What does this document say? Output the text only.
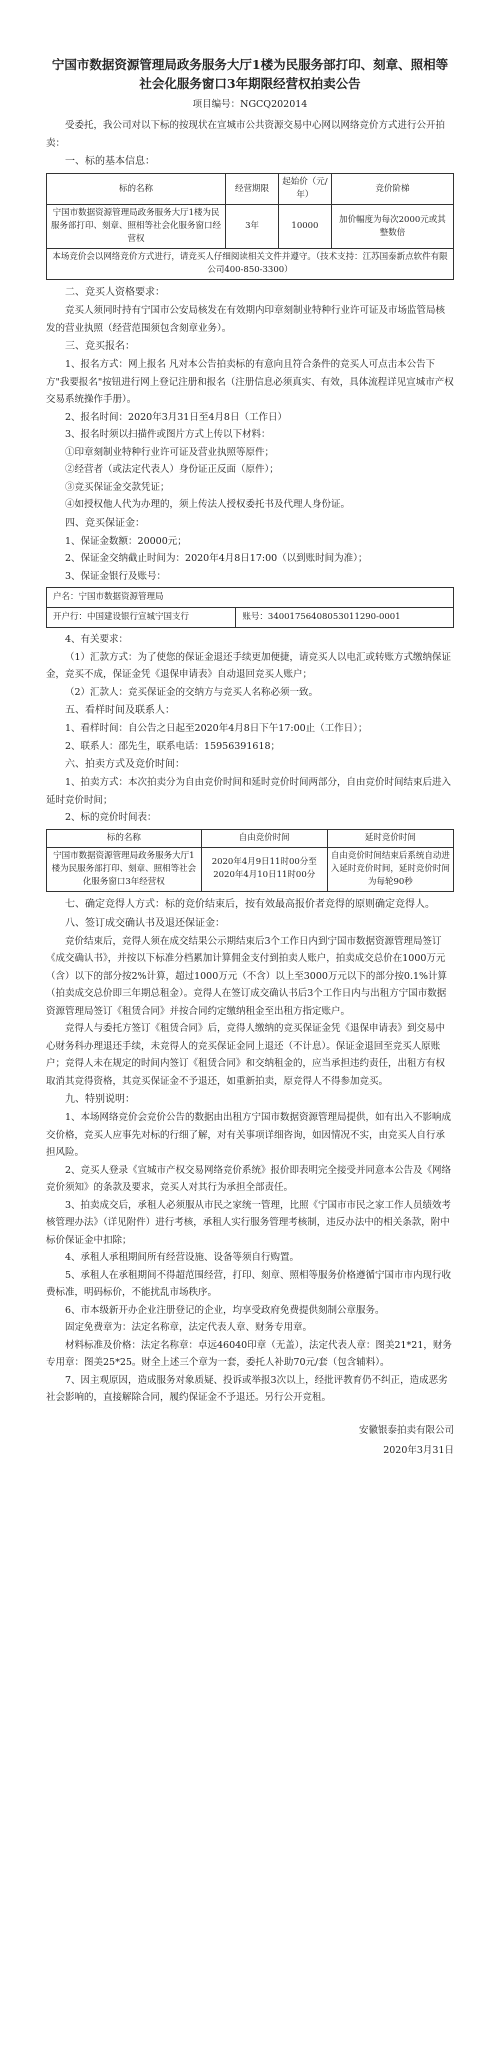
宁国市数据资源管理局政务服务大厅1楼为民服务部打印、刻章、照相等社会化服务窗口3年期限经营权拍卖公告
项目编号：NGCQ202014

受委托，我公司对以下标的按现状在宣城市公共资源交易中心网以网络竞价方式进行公开拍卖：

一、标的基本信息：
标的名称	经营期限	起始价（元/年）	竞价阶梯
宁国市数据资源管理局政务服务大厅1楼为民服务部打印、刻章、照相等社会化服务窗口经营权	3年	10000	加价幅度为每次2000元或其整数倍
本场竞价会以网络竞价方式进行，请竞买人仔细阅读相关文件并遵守。（技术支持：江苏国泰新点软件有限公司400-850-3300）			
二、竞买人资格要求：

竞买人须同时持有宁国市公安局核发在有效期内印章刻制业特种行业许可证及市场监管局核发的营业执照（经营范围须包含刻章业务）。

三、竞买报名：

1、报名方式：网上报名 凡对本公告拍卖标的有意向且符合条件的竞买人可点击本公告下方"我要报名"按钮进行网上登记注册和报名（注册信息必须真实、有效，具体流程详见宣城市产权交易系统操作手册）。

2、报名时间：2020年3月31日至4月8日（工作日）

3、报名时须以扫描件或图片方式上传以下材料：

①印章刻制业特种行业许可证及营业执照等原件；

②经营者（或法定代表人）身份证正反面（原件）；

③竞买保证金交款凭证；

④如授权他人代为办理的，须上传法人授权委托书及代理人身份证。

四、竞买保证金：

1、保证金数额：20000元；

2、保证金交纳截止时间为：2020年4月8日17:00（以到账时间为准）；

3、保证金银行及账号：

户名：宁国市数据资源管理局
开户行：中国建设银行宣城宁国支行	账号：34001756408053011290-0001

4、有关要求：

（1）汇款方式：为了使您的保证金退还手续更加便捷，请竞买人以电汇或转账方式缴纳保证金，竞买不成，保证金凭《退保申请表》自动退回竞买人账户；

（2）汇款人：竞买保证金的交纳方与竞买人名称必须一致。

五、看样时间及联系人：

1、看样时间：自公告之日起至2020年4月8日下午17:00止（工作日）；

2、联系人：邵先生，联系电话：15956391618；

六、拍卖方式及竞价时间：

1、拍卖方式：本次拍卖分为自由竞价时间和延时竞价时间两部分，自由竞价时间结束后进入延时竞价时间；

2、标的竞价时间表：

标的名称	自由竞价时间	延时竞价时间
宁国市数据资源管理局政务服务大厅1楼为民服务部打印、刻章、照相等社会化服务窗口3年经营权	2020年4月9日11时00分至2020年4月10日11时00分	自由竞价时间结束后系统自动进入延时竞价时间，延时竞价时间为每轮90秒
七、确定竞得人方式：标的竞价结束后，按有效最高报价者竞得的原则确定竞得人。
八、签订成交确认书及退还保证金：

竞价结束后，竞得人须在成交结果公示期结束后3个工作日内到宁国市数据资源管理局签订《成交确认书》，并按以下标准分档累加计算佣金支付到拍卖人账户，拍卖成交总价在1000万元（含）以下的部分按2%计算，超过1000万元（不含）以上至3000万元以下的部分按0.1%计算（拍卖成交总价即三年期总租金）。竞得人在签订成交确认书后3个工作日内与出租方宁国市数据资源管理局签订《租赁合同》并按合同约定缴纳租金至出租方指定账户。

竞得人与委托方签订《租赁合同》后，竞得人缴纳的竞买保证金凭《退保申请表》到交易中心财务科办理退还手续，未竞得人的竞买保证金同上退还（不计息）。保证金退回至竞买人原账户；竞得人未在规定的时间内签订《租赁合同》和交纳租金的，应当承担违约责任，出租方有权取消其竞得资格，其竞买保证金不予退还，如重新拍卖，原竞得人不得参加竞买。

九、特别说明：

1、本场网络竞价会竞价公告的数据由出租方宁国市数据资源管理局提供，如有出入不影响成交价格，竞买人应事先对标的行细了解，对有关事项详细咨询，如因情况不实，由竞买人自行承担风险。

2、竞买人登录《宣城市产权交易网络竞价系统》报价即表明完全接受并同意本公告及《网络竞价须知》的条款及要求，竞买人对其行为承担全部责任。

3、拍卖成交后，承租人必须服从市民之家统一管理，比照《宁国市市民之家工作人员绩效考核管理办法》（详见附件）进行考核，承租人实行服务管理考核制，违反办法中的相关条款，附中标价保证金中扣除；

4、承租人承租期间所有经营设施、设备等须自行购置。

5、承租人在承租期间不得超范围经营，打印、刻章、照相等服务价格遵循宁国市市内现行收费标准，明码标价，不能扰乱市场秩序。

6、市本级新开办企业注册登记的企业，均享受政府免费提供刻制公章服务。

固定免费章为：法定名称章，法定代表人章、财务专用章。

材料标准及价格：法定名称章：卓远46040印章（无盖），法定代表人章：图美21*21，财务专用章：图美25*25。财全上述三个章为一套，委托人补助70元/套（包含辅料）。

7、因主观原因，造成服务对象质疑、投诉或举报3次以上，经批评教育仍不纠正，造成恶劣社会影响的，直接解除合同，履约保证金不予退还。另行公开竞租。

安徽银泰拍卖有限公司
2020年3月31日
